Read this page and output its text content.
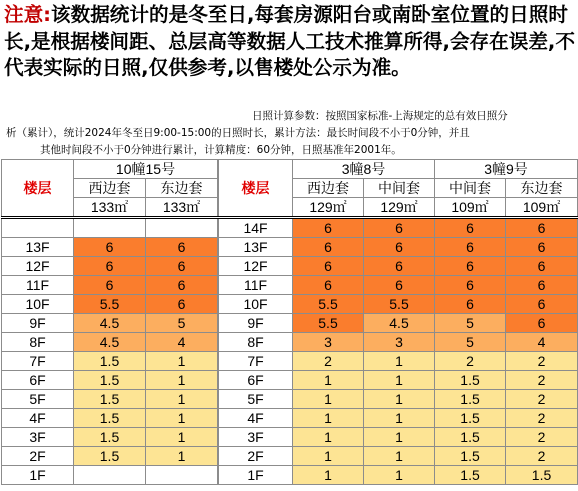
注意:该数据统计的是冬至日,每套房源阳台或南卧室位置的日照时长,是根据楼间距、总层高等数据人工技术推算所得,会存在误差,不代表实际的日照,仅供参考,以售楼处公示为准。
日照计算参数：按照国家标准-上海规定的总有效日照分
析（累计），统计2024年冬至日9:00-15:00的日照时长，累计方法：最长时间段不小于0分钟，并且
其他时间段不小于0分钟进行累计，计算精度：60分钟，日照基准年2001年。
楼层	10幢15号	
	西边套	东边套
	133㎡	133㎡

13F	6	6
12F	6	6
11F	6	6
10F	5.5	6
9F	4.5	5
8F	4.5	4
7F	1.5	1
6F	1.5	1
5F	1.5	1
4F	1.5	1
3F	1.5	1
2F	1.5	1
1F		
楼层	3幢8号		3幢9号	
	西边套	中间套	中间套	东边套
	129㎡	129㎡	109㎡	109㎡
14F	6	6	6	6
13F	6	6	6	6
12F	6	6	6	6
11F	6	6	6	6
10F	5.5	5.5	6	6
9F	5.5	4.5	5	6
8F	3	3	5	4
7F	2	1	2	2
6F	1	1	1.5	2
5F	1	1	1.5	2
4F	1	1	1.5	2
3F	1	1	1.5	2
2F	1	1	1.5	2
1F	1	1	1.5	1.5
